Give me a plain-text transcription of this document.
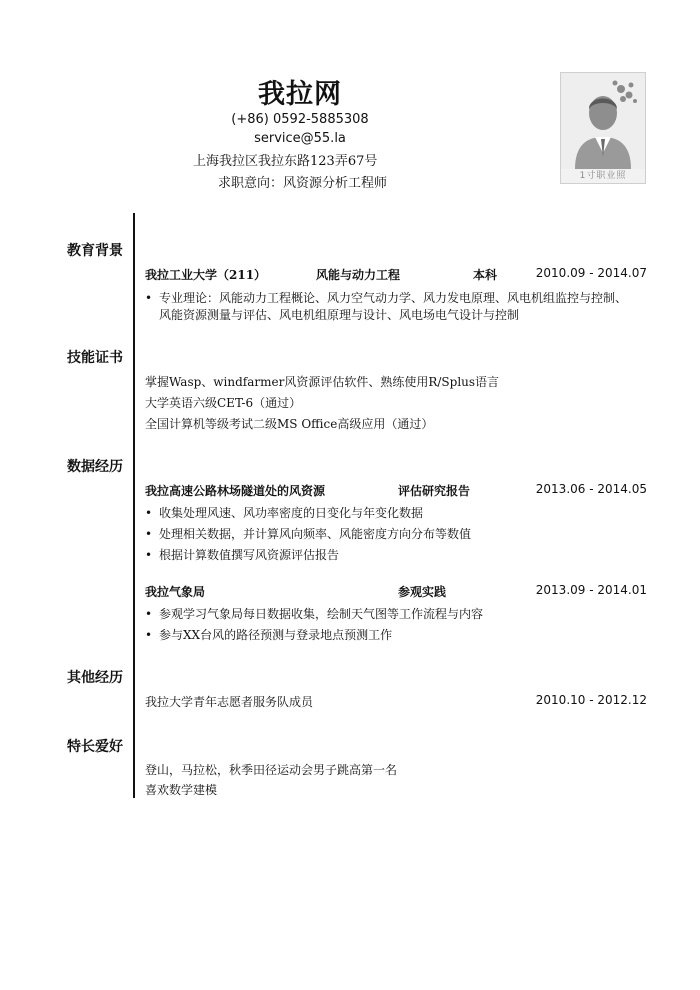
我拉网
(+86) 0592-5885308
service@55.la
上海我拉区我拉东路123弄67号
求职意向：风资源分析工程师	1寸职业照
教育背景
我拉工业大学（211）	风能与动力工程	本科	2010.09 - 2014.07
• 专业理论：风能动力工程概论、风力空气动力学、风力发电原理、风电机组监控与控制、
风能资源测量与评估、风电机组原理与设计、风电场电气设计与控制
技能证书
掌握Wasp、windfarmer风资源评估软件、熟练使用R/Splus语言
大学英语六级CET-6（通过）
全国计算机等级考试二级MS Office高级应用（通过）
数据经历
我拉高速公路林场隧道处的风资源	评估研究报告	2013.06 - 2014.05
• 收集处理风速、风功率密度的日变化与年变化数据
• 处理相关数据，并计算风向频率、风能密度方向分布等数值
• 根据计算数值撰写风资源评估报告
我拉气象局	参观实践	2013.09 - 2014.01
• 参观学习气象局每日数据收集，绘制天气图等工作流程与内容
• 参与XX台风的路径预测与登录地点预测工作
其他经历
我拉大学青年志愿者服务队成员	2010.10 - 2012.12
特长爱好
登山，马拉松，秋季田径运动会男子跳高第一名
喜欢数学建模
